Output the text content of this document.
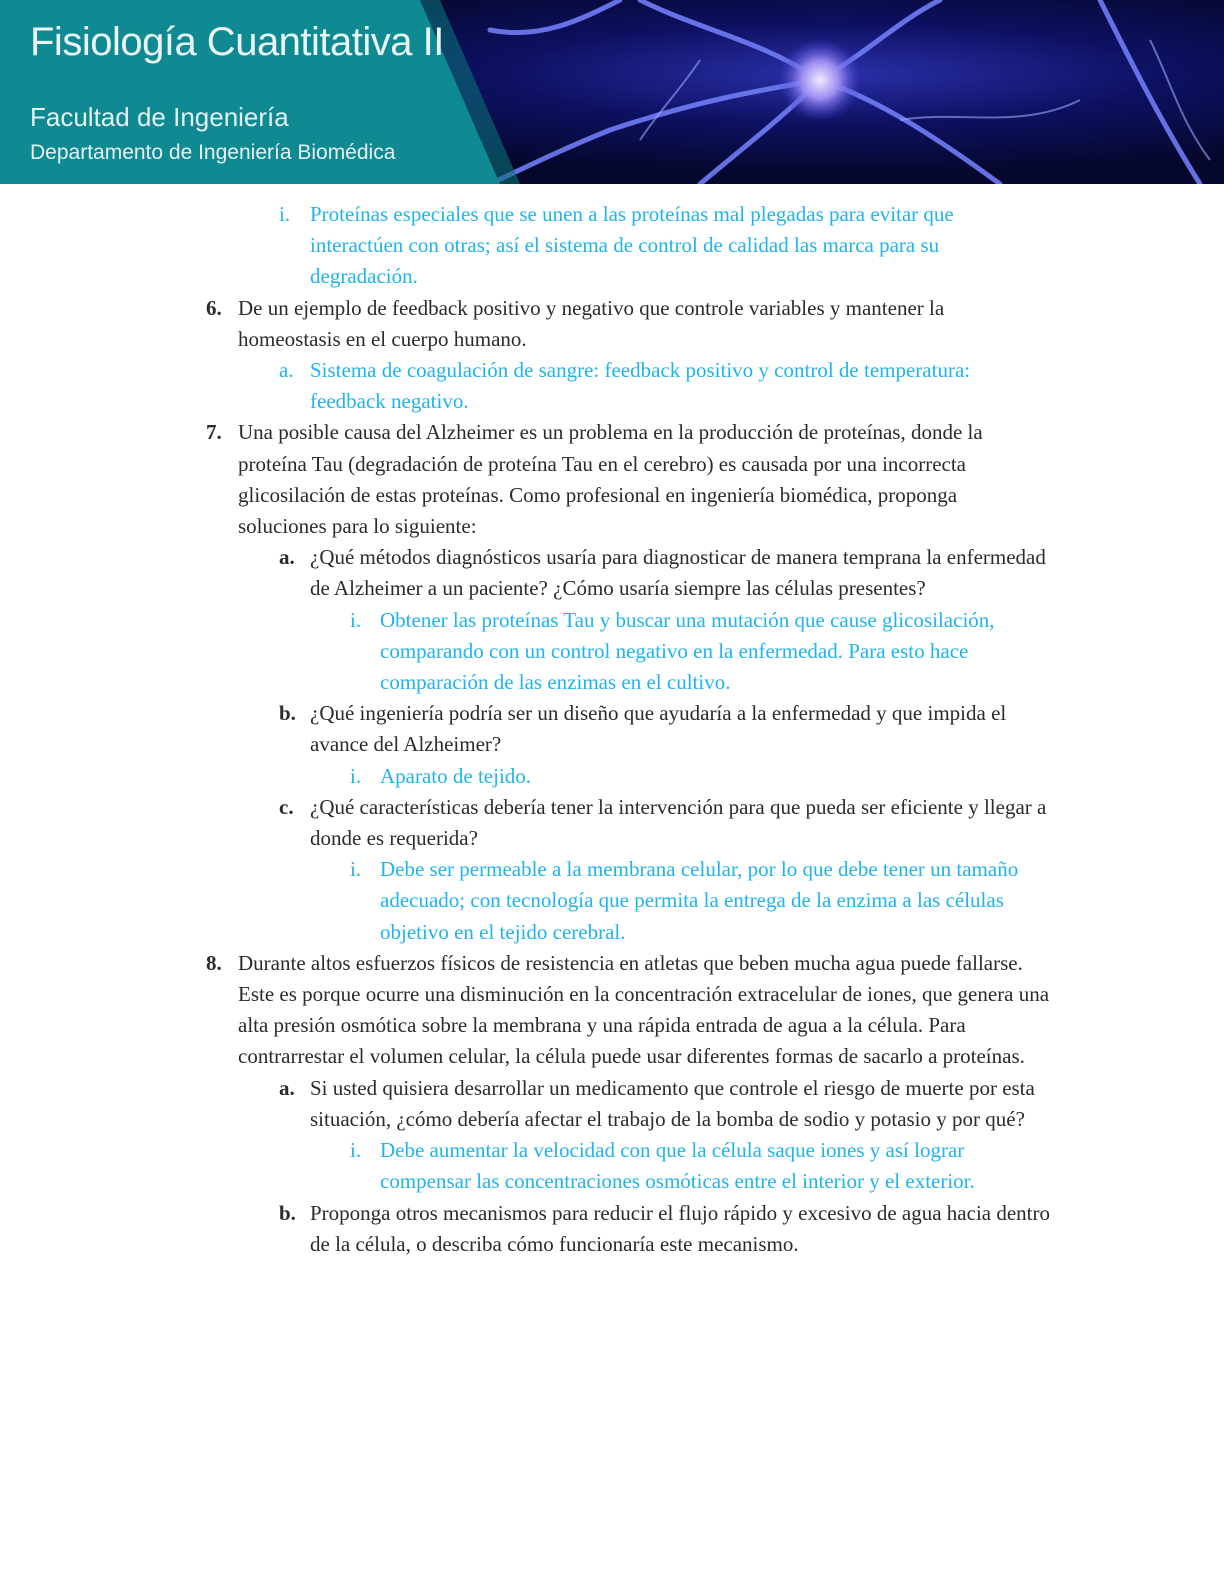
Fisiología Cuantitativa II
Facultad de Ingeniería
Departamento de Ingeniería Biomédica
i. Proteínas especiales que se unen a las proteínas mal plegadas para evitar que interactúen con otras; así el sistema de control de calidad las marca para su degradación.
6. De un ejemplo de feedback positivo y negativo que controle variables y mantener la homeostasis en el cuerpo humano.
a. Sistema de coagulación de sangre: feedback positivo y control de temperatura: feedback negativo.
7. Una posible causa del Alzheimer es un problema en la producción de proteínas, donde la proteína Tau (degradación de proteína Tau en el cerebro) es causada por una incorrecta glicosilación de estas proteínas. Como profesional en ingeniería biomédica, proponga soluciones para lo siguiente:
a. ¿Qué métodos diagnósticos usaría para diagnosticar de manera temprana la enfermedad de Alzheimer a un paciente? ¿Cómo usaría siempre las células presentes?
i. Obtener las proteínas Tau y buscar una mutación que cause glicosilación, comparando con un control negativo en la enfermedad. Para esto hace comparación de las enzimas en el cultivo.
b. ¿Qué ingeniería podría ser un diseño que ayudaría a la enfermedad y que impida el avance del Alzheimer?
i. Aparato de tejido.
c. ¿Qué características debería tener la intervención para que pueda ser eficiente y llegar a donde es requerida?
i. Debe ser permeable a la membrana celular, por lo que debe tener un tamaño adecuado; con tecnología que permita la entrega de la enzima a las células objetivo en el tejido cerebral.
8. Durante altos esfuerzos físicos de resistencia en atletas que beben mucha agua puede fallarse. Este es porque ocurre una disminución en la concentración extracelular de iones, que genera una alta presión osmótica sobre la membrana y una rápida entrada de agua a la célula. Para contrarrestar el volumen celular, la célula puede usar diferentes formas de sacarlo a proteínas.
a. Si usted quisiera desarrollar un medicamento que controle el riesgo de muerte por esta situación, ¿cómo debería afectar el trabajo de la bomba de sodio y potasio y por qué?
i. Debe aumentar la velocidad con que la célula saque iones y así lograr compensar las concentraciones osmóticas entre el interior y el exterior.
b. Proponga otros mecanismos para reducir el flujo rápido y excesivo de agua hacia dentro de la célula, o describa cómo funcionaría este mecanismo.
